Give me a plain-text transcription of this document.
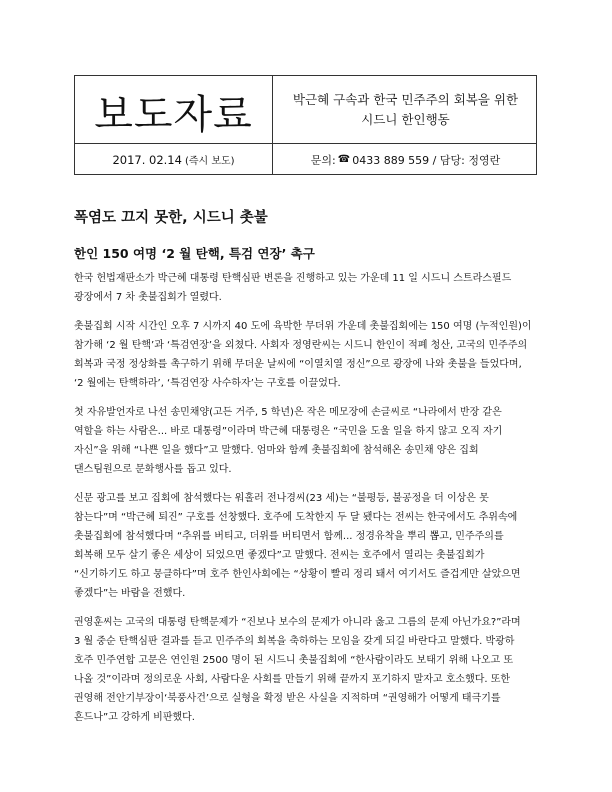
보도자료	박근혜 구속과 한국 민주주의 회복을 위한
시드니 한인행동
2017. 02.14 (즉시 보도)	문의: ☎ 0433 889 559 / 담당: 정영란
폭염도 끄지 못한, 시드니 촛불
한인 150 여명 ‘2 월 탄핵, 특검 연장’ 촉구

한국 헌법재판소가 박근혜 대통령 탄핵심판 변론을 진행하고 있는 가운데 11 일 시드니 스트라스필드
광장에서 7 차 촛불집회가 열렸다.

촛불집회 시작 시간인 오후 7 시까지 40 도에 육박한 무더위 가운데 촛불집회에는 150 여명 (누적인원)이
참가해 ‘2 월 탄핵’과 ‘특검연장’을 외쳤다. 사회자 정영란씨는 시드니 한인이 적폐 청산, 고국의 민주주의
회복과 국정 정상화를 촉구하기 위해 무더운 날씨에 “이열치열 정신”으로 광장에 나와 촛불을 들었다며,
‘2 월에는 탄핵하라’, ‘특검연장 사수하자’는 구호를 이끌었다.

첫 자유발언자로 나선 송민채양(고든 거주, 5 학년)은 작은 메모장에 손글씨로 “나라에서 반장 같은
역할을 하는 사람은... 바로 대통령”이라며 박근혜 대통령은 “국민을 도울 일을 하지 않고 오직 자기
자신”을 위해 “나쁜 일을 했다”고 말했다. 엄마와 함께 촛불집회에 참석해온 송민채 양은 집회
댄스팀원으로 문화행사를 돕고 있다.

신문 광고를 보고 집회에 참석했다는 워홀러 전나경씨(23 세)는 “불평등, 불공정을 더 이상은 못
참는다”며 “박근혜 퇴진” 구호를 선창했다. 호주에 도착한지 두 달 됐다는 전씨는 한국에서도 추위속에
촛불집회에 참석했다며 “추위를 버티고, 더위를 버티면서 함께... 정경유착을 뿌리 뽑고, 민주주의를
회복해 모두 살기 좋은 세상이 되었으면 좋겠다”고 말했다. 전씨는 호주에서 열리는 촛불집회가
“신기하기도 하고 뭉클하다”며 호주 한인사회에는 “상황이 빨리 정리 돼서 여기서도 즐겁게만 살았으면
좋겠다”는 바람을 전했다.

권영훈씨는 고국의 대통령 탄핵문제가 “진보나 보수의 문제가 아니라 옳고 그름의 문제 아닌가요?”라며
3 월 중순 탄핵심판 결과를 듣고 민주주의 회복을 축하하는 모임을 갖게 되길 바란다고 말했다. 박광하
호주 민주연합 고문은 연인원 2500 명이 된 시드니 촛불집회에 “한사람이라도 보태기 위해 나오고 또
나올 것”이라며 정의로운 사회, 사람다운 사회를 만들기 위해 끝까지 포기하지 말자고 호소했다. 또한
권영해 전안기부장이‘북풍사건’으로 실형을 확정 받은 사실을 지적하며 “권영해가 어떻게 태극기를
흔드나”고 강하게 비판했다.
